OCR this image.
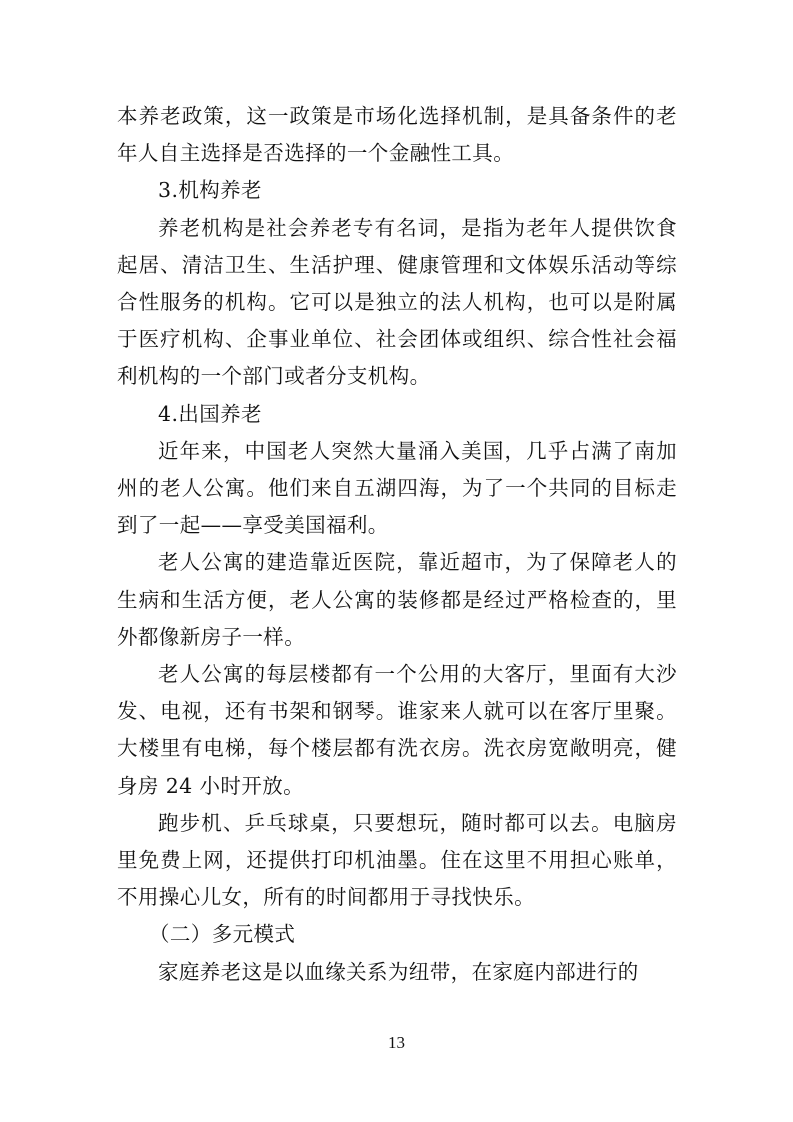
本养老政策，这一政策是市场化选择机制，是具备条件的老年人自主选择是否选择的一个金融性工具。

3.机构养老

养老机构是社会养老专有名词，是指为老年人提供饮食起居、清洁卫生、生活护理、健康管理和文体娱乐活动等综合性服务的机构。它可以是独立的法人机构，也可以是附属于医疗机构、企事业单位、社会团体或组织、综合性社会福利机构的一个部门或者分支机构。

4.出国养老

近年来，中国老人突然大量涌入美国，几乎占满了南加州的老人公寓。他们来自五湖四海，为了一个共同的目标走到了一起——享受美国福利。

老人公寓的建造靠近医院，靠近超市，为了保障老人的生病和生活方便，老人公寓的装修都是经过严格检查的，里外都像新房子一样。

老人公寓的每层楼都有一个公用的大客厅，里面有大沙发、电视，还有书架和钢琴。谁家来人就可以在客厅里聚。大楼里有电梯，每个楼层都有洗衣房。洗衣房宽敞明亮，健身房 24 小时开放。

跑步机、乒乓球桌，只要想玩，随时都可以去。电脑房里免费上网，还提供打印机油墨。住在这里不用担心账单，不用操心儿女，所有的时间都用于寻找快乐。

（二）多元模式

家庭养老这是以血缘关系为纽带，在家庭内部进行的

13
